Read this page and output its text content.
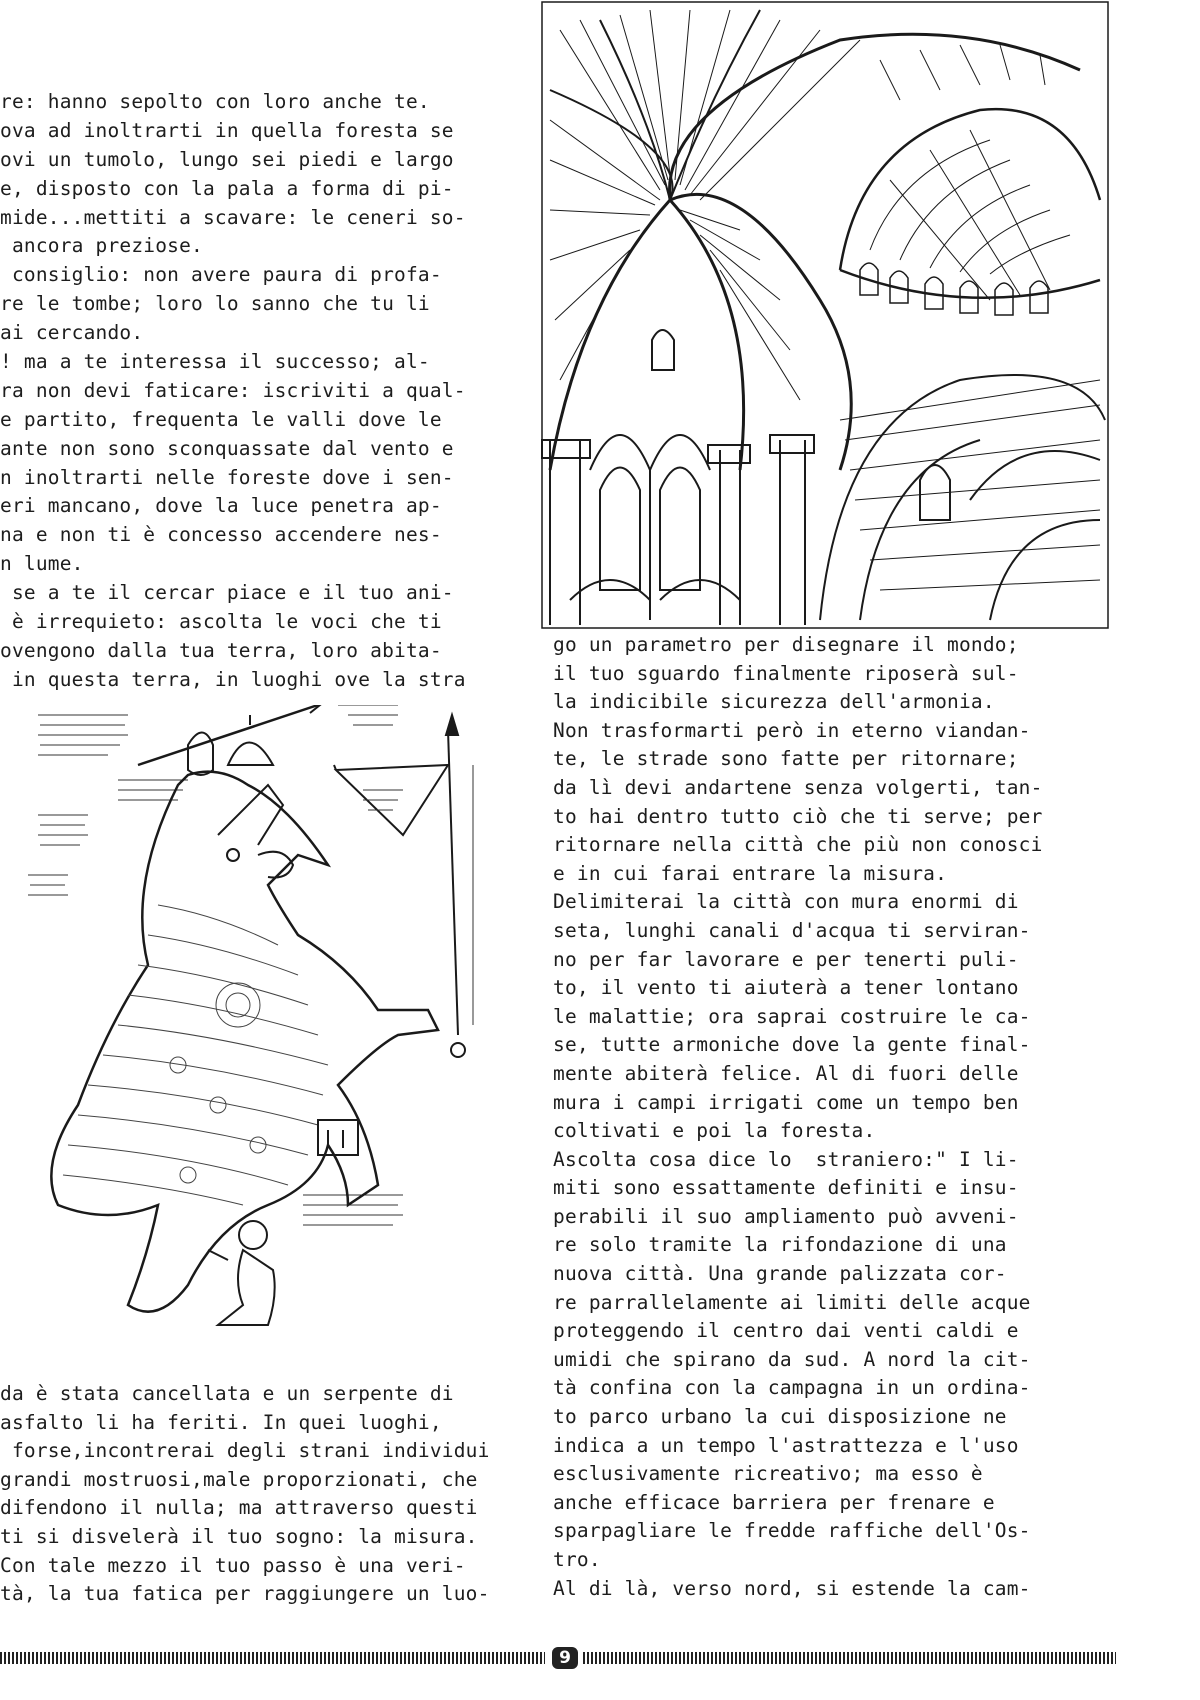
re: hanno sepolto con loro anche te.
ova ad inoltrarti in quella foresta se
ovi un tumolo, lungo sei piedi e largo
e, disposto con la pala a forma di pi-
mide...mettiti a scavare: le ceneri so-
ancora preziose.
consiglio: non avere paura di profa-
re le tombe; loro lo sanno che tu li
ai cercando.
! ma a te interessa il successo; al-
ra non devi faticare: iscriviti a qual-
e partito, frequenta le valli dove le
ante non sono sconquassate dal vento e
n inoltrarti nelle foreste dove i sen-
eri mancano, dove la luce penetra ap-
na e non ti è concesso accendere nes-
n lume.
se a te il cercar piace e il tuo ani-
è irrequieto: ascolta le voci che ti
ovengono dalla tua terra, loro abita-
in questa terra, in luoghi ove la stra
da è stata cancellata e un serpente di
asfalto li ha feriti. In quei luoghi,
forse,incontrerai degli strani individui
grandi mostruosi,male proporzionati, che
difendono il nulla; ma attraverso questi
ti si disvelerà il tuo sogno: la misura.
Con tale mezzo il tuo passo è una veri-
tà, la tua fatica per raggiungere un luo-
go un parametro per disegnare il mondo;
il tuo sguardo finalmente riposerà sul-
la indicibile sicurezza dell'armonia.
Non trasformarti però in eterno viandan-
te, le strade sono fatte per ritornare;
da lì devi andartene senza volgerti, tan-
to hai dentro tutto ciò che ti serve; per
ritornare nella città che più non conosci
e in cui farai entrare la misura.
Delimiterai la città con mura enormi di
seta, lunghi canali d'acqua ti serviran-
no per far lavorare e per tenerti puli-
to, il vento ti aiuterà a tener lontano
le malattie; ora saprai costruire le ca-
se, tutte armoniche dove la gente final-
mente abiterà felice. Al di fuori delle
mura i campi irrigati come un tempo ben
coltivati e poi la foresta.
Ascolta cosa dice lo  straniero:" I li-
miti sono essattamente definiti e insu-
perabili il suo ampliamento può avveni-
re solo tramite la rifondazione di una
nuova città. Una grande palizzata cor-
re parrallelamente ai limiti delle acque
proteggendo il centro dai venti caldi e
umidi che spirano da sud. A nord la cit-
tà confina con la campagna in un ordina-
to parco urbano la cui disposizione ne
indica a un tempo l'astrattezza e l'uso
esclusivamente ricreativo; ma esso è
anche efficace barriera per frenare e
sparpagliare le fredde raffiche dell'Os-
tro.
Al di là, verso nord, si estende la cam-
9
